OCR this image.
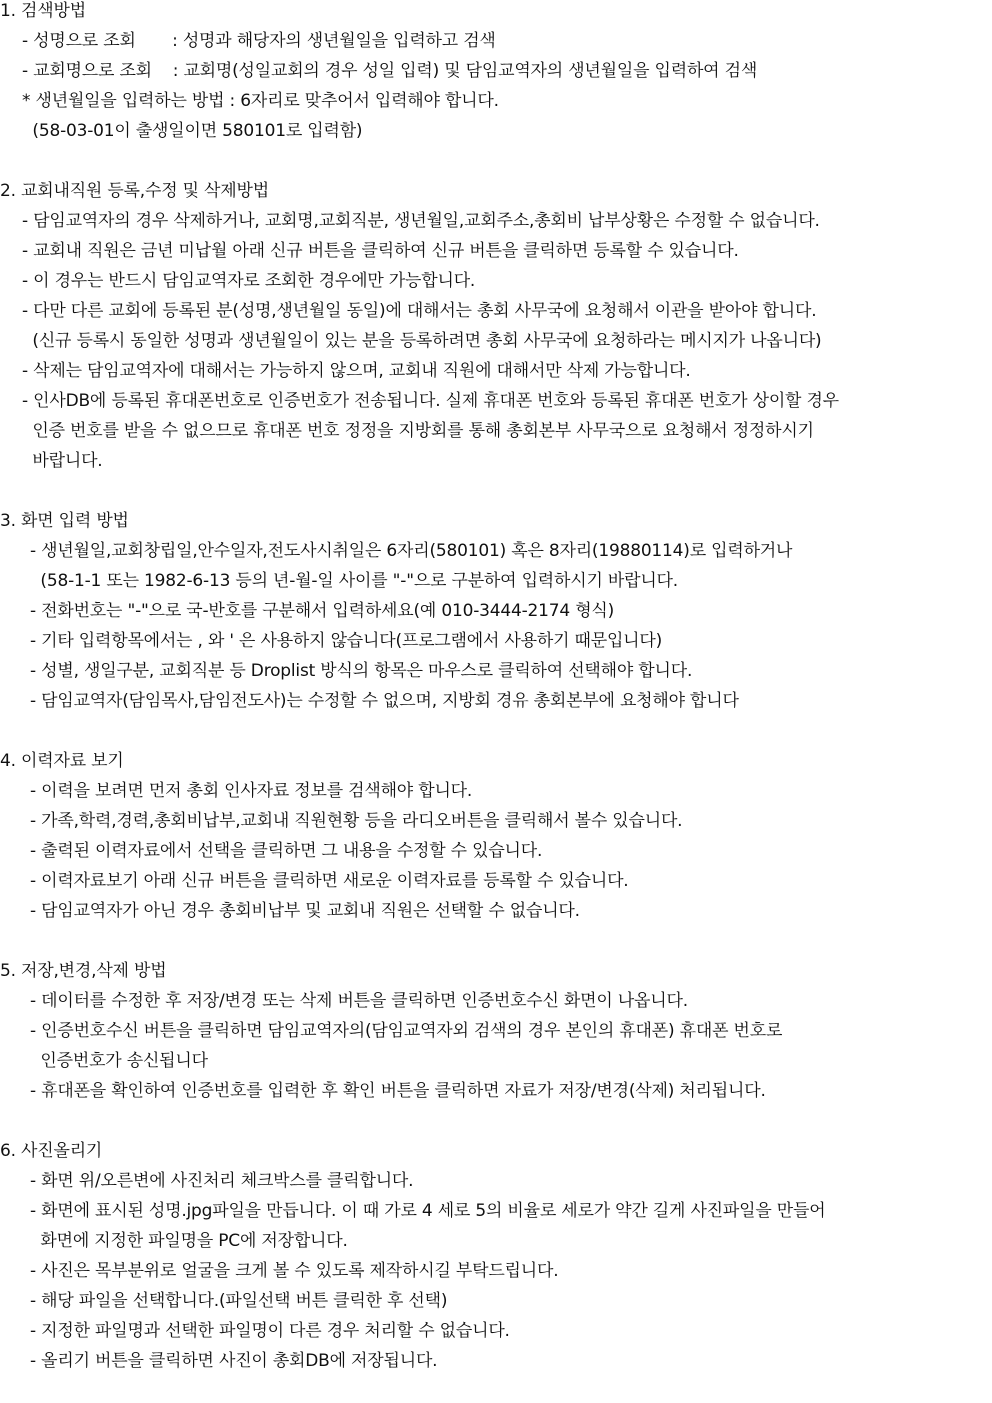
1. 검색방법
- 성명으로 조회       : 성명과 해당자의 생년월일을 입력하고 검색
- 교회명으로 조회    : 교회명(성일교회의 경우 성일 입력) 및 담임교역자의 생년월일을 입력하여 검색
* 생년월일을 입력하는 방법 : 6자리로 맞추어서 입력해야 합니다.
(58-03-01이 출생일이면 580101로 입력함)
2. 교회내직원 등록,수정 및 삭제방법
- 담임교역자의 경우 삭제하거나, 교회명,교회직분, 생년월일,교회주소,총회비 납부상황은 수정할 수 없습니다.
- 교회내 직원은 금년 미납월 아래 신규 버튼을 클릭하여 신규 버튼을 클릭하면 등록할 수 있습니다.
- 이 경우는 반드시 담임교역자로 조회한 경우에만 가능합니다.
- 다만 다른 교회에 등록된 분(성명,생년월일 동일)에 대해서는 총회 사무국에 요청해서 이관을 받아야 합니다.
(신규 등록시 동일한 성명과 생년월일이 있는 분을 등록하려면 총회 사무국에 요청하라는 메시지가 나옵니다)
- 삭제는 담임교역자에 대해서는 가능하지 않으며, 교회내 직원에 대해서만 삭제 가능합니다.
- 인사DB에 등록된 휴대폰번호로 인증번호가 전송됩니다. 실제 휴대폰 번호와 등록된 휴대폰 번호가 상이할 경우
인증 번호를 받을 수 없으므로 휴대폰 번호 정정을 지방회를 통해 총회본부 사무국으로 요청해서 정정하시기
바랍니다.
3. 화면 입력 방법
- 생년월일,교회창립일,안수일자,전도사시취일은 6자리(580101) 혹은 8자리(19880114)로 입력하거나
(58-1-1 또는 1982-6-13 등의 년-월-일 사이를 "-"으로 구분하여 입력하시기 바랍니다.
- 전화번호는 "-"으로 국-반호를 구분해서 입력하세요(예 010-3444-2174 형식)
- 기타 입력항목에서는 , 와 ' 은 사용하지 않습니다(프로그램에서 사용하기 때문입니다)
- 성별, 생일구분, 교회직분 등 Droplist 방식의 항목은 마우스로 클릭하여 선택해야 합니다.
- 담임교역자(담임목사,담임전도사)는 수정할 수 없으며, 지방회 경유 총회본부에 요청해야 합니다
4. 이력자료 보기
- 이력을 보려면 먼저 총회 인사자료 정보를 검색해야 합니다.
- 가족,학력,경력,총회비납부,교회내 직원현황 등을 라디오버튼을 클릭해서 볼수 있습니다.
- 출력된 이력자료에서 선택을 클릭하면 그 내용을 수정할 수 있습니다.
- 이력자료보기 아래 신규 버튼을 클릭하면 새로운 이력자료를 등록할 수 있습니다.
- 담임교역자가 아닌 경우 총회비납부 및 교회내 직원은 선택할 수 없습니다.
5. 저장,변경,삭제 방법
- 데이터를 수정한 후 저장/변경 또는 삭제 버튼을 클릭하면 인증번호수신 화면이 나옵니다.
- 인증번호수신 버튼을 클릭하면 담임교역자의(담임교역자외 검색의 경우 본인의 휴대폰) 휴대폰 번호로
인증번호가 송신됩니다
- 휴대폰을 확인하여 인증번호를 입력한 후 확인 버튼을 클릭하면 자료가 저장/변경(삭제) 처리됩니다.
6. 사진올리기
- 화면 위/오른변에 사진처리 체크박스를 클릭합니다.
- 화면에 표시된 성명.jpg파일을 만듭니다. 이 때 가로 4 세로 5의 비율로 세로가 약간 길게 사진파일을 만들어
화면에 지정한 파일명을 PC에 저장합니다.
- 사진은 목부분위로 얼굴을 크게 볼 수 있도록 제작하시길 부탁드립니다.
- 해당 파일을 선택합니다.(파일선택 버튼 클릭한 후 선택)
- 지정한 파일명과 선택한 파일명이 다른 경우 처리할 수 없습니다.
- 올리기 버튼을 클릭하면 사진이 총회DB에 저장됩니다.
